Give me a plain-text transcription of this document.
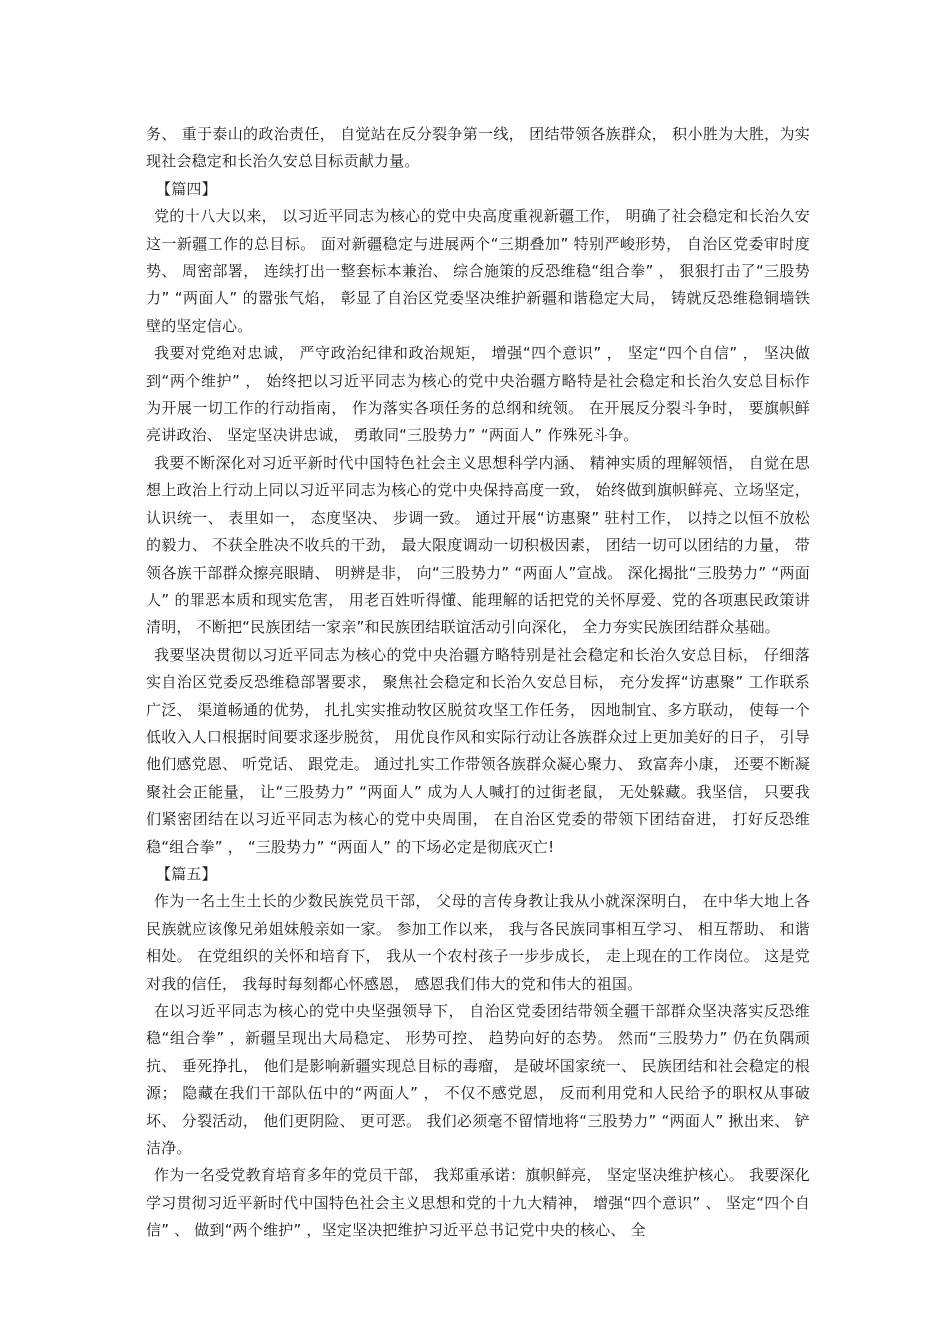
务、 重于泰山的政治责任， 自觉站在反分裂争第一线， 团结带领各族群众， 积小胜为大胜，为实现社会稳定和长治久安总目标贡献力量。

【篇四】

党的十八大以来， 以习近平同志为核心的党中央高度重视新疆工作， 明确了社会稳定和长治久安这一新疆工作的总目标。 面对新疆稳定与进展两个“三期叠加” 特别严峻形势， 自治区党委审时度势、 周密部署， 连续打出一整套标本兼治、 综合施策的反恐维稳“组合拳” ， 狠狠打击了“三股势力” “两面人” 的嚣张气焰， 彰显了自治区党委坚决维护新疆和谐稳定大局， 铸就反恐维稳铜墙铁壁的坚定信心。

我要对党绝对忠诚， 严守政治纪律和政治规矩， 增强“四个意识” ， 坚定“四个自信” ， 坚决做到“两个维护” ， 始终把以习近平同志为核心的党中央治疆方略特是社会稳定和长治久安总目标作为开展一切工作的行动指南， 作为落实各项任务的总纲和统领。 在开展反分裂斗争时， 要旗帜鲜亮讲政治、 坚定坚决讲忠诚， 勇敢同“三股势力” “两面人” 作殊死斗争。

我要不断深化对习近平新时代中国特色社会主义思想科学内涵、 精神实质的理解领悟， 自觉在思想上政治上行动上同以习近平同志为核心的党中央保持高度一致， 始终做到旗帜鲜亮、立场坚定， 认识统一、 表里如一， 态度坚决、 步调一致。 通过开展“访惠聚” 驻村工作， 以持之以恒不放松的毅力、 不获全胜决不收兵的干劲， 最大限度调动一切积极因素， 团结一切可以团结的力量， 带领各族干部群众擦亮眼睛、 明辨是非， 向“三股势力” “两面人”宣战。 深化揭批“三股势力” “两面人” 的罪恶本质和现实危害， 用老百姓听得懂、能理解的话把党的关怀厚爱、党的各项惠民政策讲清明， 不断把“民族团结一家亲”和民族团结联谊活动引向深化， 全力夯实民族团结群众基础。

我要坚决贯彻以习近平同志为核心的党中央治疆方略特别是社会稳定和长治久安总目标， 仔细落实自治区党委反恐维稳部署要求， 聚焦社会稳定和长治久安总目标， 充分发挥“访惠聚” 工作联系广泛、 渠道畅通的优势， 扎扎实实推动牧区脱贫攻坚工作任务， 因地制宜、多方联动， 使每一个低收入人口根据时间要求逐步脱贫， 用优良作风和实际行动让各族群众过上更加美好的日子， 引导他们感党恩、 听党话、 跟党走。 通过扎实工作带领各族群众凝心聚力、 致富奔小康， 还要不断凝聚社会正能量， 让“三股势力” “两面人” 成为人人喊打的过街老鼠， 无处躲藏。我坚信， 只要我们紧密团结在以习近平同志为核心的党中央周围， 在自治区党委的带领下团结奋进， 打好反恐维稳“组合拳” ， “三股势力” “两面人” 的下场必定是彻底灭亡!

【篇五】

作为一名土生土长的少数民族党员干部， 父母的言传身教让我从小就深深明白， 在中华大地上各民族就应该像兄弟姐妹般亲如一家。 参加工作以来， 我与各民族同事相互学习、 相互帮助、 和谐相处。 在党组织的关怀和培育下， 我从一个农村孩子一步步成长， 走上现在的工作岗位。 这是党对我的信任， 我每时每刻都心怀感恩， 感恩我们伟大的党和伟大的祖国。

在以习近平同志为核心的党中央坚强领导下， 自治区党委团结带领全疆干部群众坚决落实反恐维稳“组合拳” ，新疆呈现出大局稳定、 形势可控、 趋势向好的态势。 然而“三股势力” 仍在负隅顽抗、 垂死挣扎， 他们是影响新疆实现总目标的毒瘤， 是破坏国家统一、 民族团结和社会稳定的根源； 隐藏在我们干部队伍中的“两面人” ， 不仅不感党恩， 反而利用党和人民给予的职权从事破坏、 分裂活动， 他们更阴险、 更可恶。 我们必须毫不留情地将“三股势力” “两面人” 揪出来、 铲洁净。

作为一名受党教育培育多年的党员干部， 我郑重承诺：旗帜鲜亮， 坚定坚决维护核心。 我要深化学习贯彻习近平新时代中国特色社会主义思想和党的十九大精神， 增强“四个意识” 、 坚定“四个自信” 、 做到“两个维护” ，坚定坚决把维护习近平总书记党中央的核心、 全
